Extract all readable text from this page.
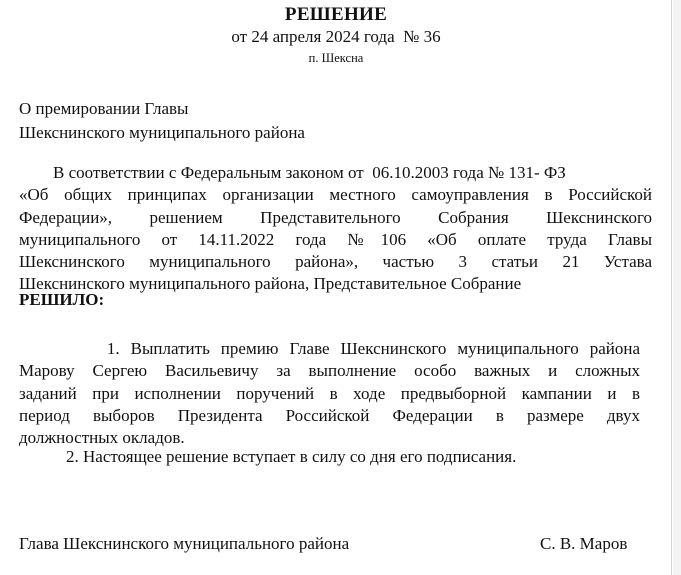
РЕШЕНИЕ
от 24 апреля 2024 года  № 36
п. Шексна
О премировании Главы
Шекснинского муниципального района
В соответствии с Федеральным законом от  06.10.2003 года № 131- ФЗ
«Об общих принципах организации местного самоуправления в Российской
Федерации», решением Представительного Собрания Шекснинского
муниципального от 14.11.2022 года №106 «Об оплате труда Главы
Шекснинского муниципального района», частью 3 статьи 21 Устава
Шекснинского муниципального района, Представительное Собрание
РЕШИЛО:
1. Выплатить премию Главе Шекснинского муниципального района
Марову Сергею Васильевичу за выполнение особо важных и сложных
заданий при исполнении поручений в ходе предвыборной кампании и в
период выборов Президента Российской Федерации в размере двух
должностных окладов.
2. Настоящее решение вступает в силу со дня его подписания.
Глава Шекснинского муниципального района	С. В. Маров
